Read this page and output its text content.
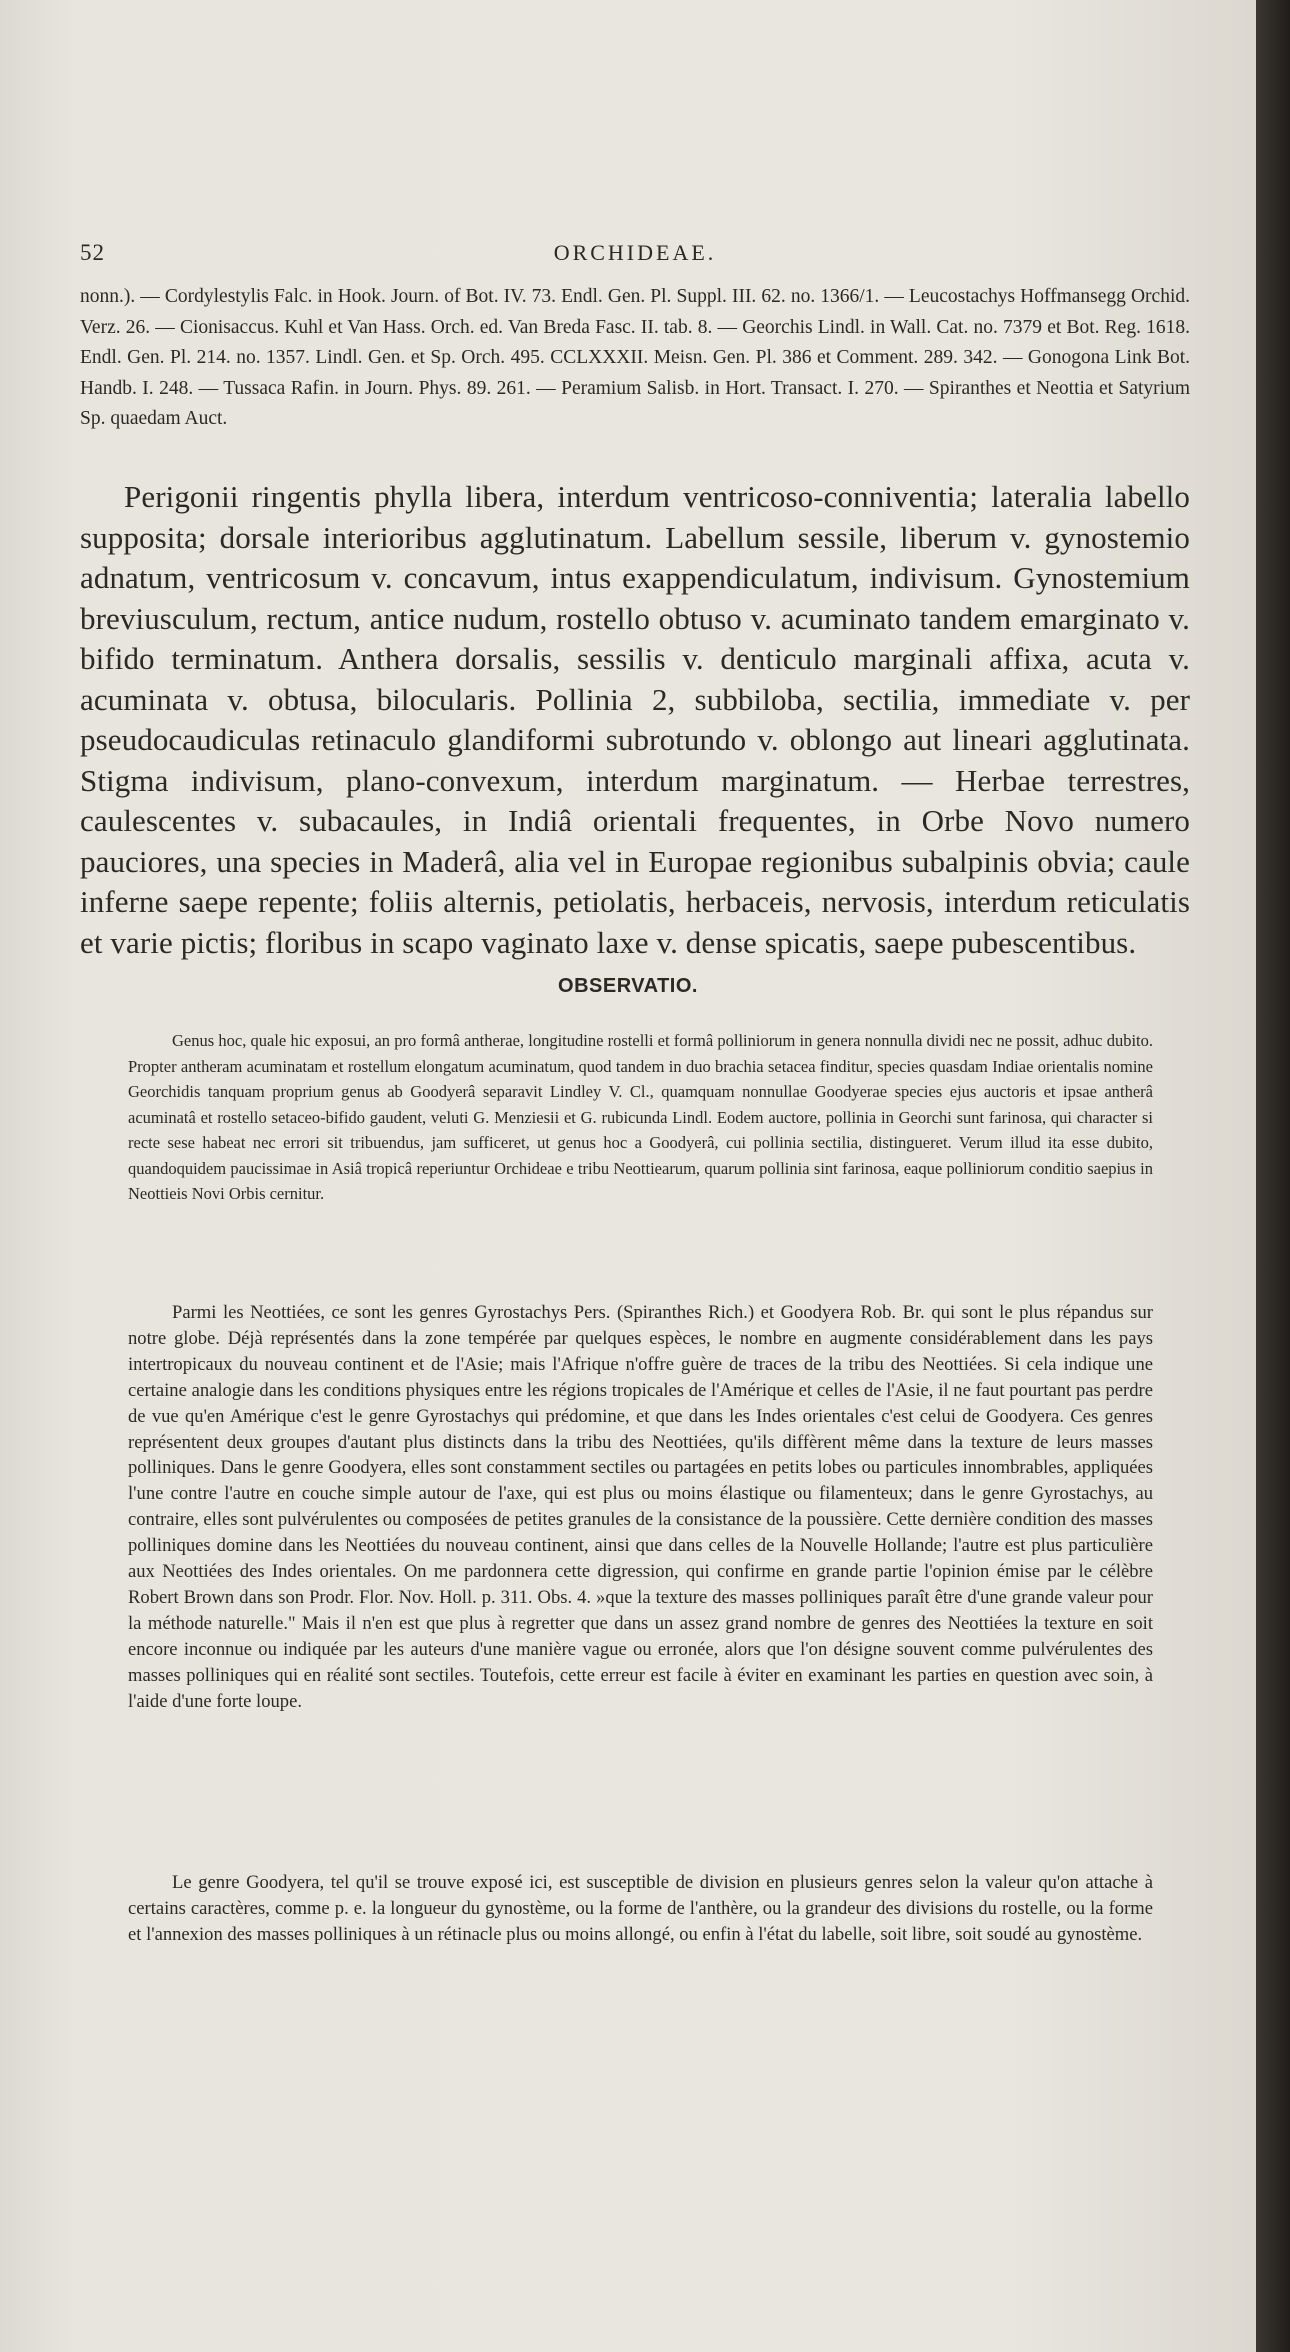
52	ORCHIDEAE.

nonn.). — Cordylestylis Falc. in Hook. Journ. of Bot. IV. 73. Endl. Gen. Pl. Suppl. III. 62. no. 1366/1. — Leucostachys Hoffmansegg Orchid. Verz. 26. — Cionisaccus. Kuhl et Van Hass. Orch. ed. Van Breda Fasc. II. tab. 8. — Georchis Lindl. in Wall. Cat. no. 7379 et Bot. Reg. 1618. Endl. Gen. Pl. 214. no. 1357. Lindl. Gen. et Sp. Orch. 495. CCLXXXII. Meisn. Gen. Pl. 386 et Comment. 289. 342. — Gonogona Link Bot. Handb. I. 248. — Tussaca Rafin. in Journ. Phys. 89. 261. — Peramium Salisb. in Hort. Transact. I. 270. — Spiranthes et Neottia et Satyrium Sp. quaedam Auct.

Perigonii ringentis phylla libera, interdum ventricoso-conniventia; lateralia labello supposita; dorsale interioribus agglutinatum. Labellum sessile, liberum v. gynostemio adnatum, ventricosum v. concavum, intus exappendiculatum, indivisum. Gynostemium breviusculum, rectum, antice nudum, rostello obtuso v. acuminato tandem emarginato v. bifido terminatum. Anthera dorsalis, sessilis v. denticulo marginali affixa, acuta v. acuminata v. obtusa, bilocularis. Pollinia 2, subbiloba, sectilia, immediate v. per pseudocaudiculas retinaculo glandiformi subrotundo v. oblongo aut lineari agglutinata. Stigma indivisum, plano-convexum, interdum marginatum. — Herbae terrestres, caulescentes v. subacaules, in Indiâ orientali frequentes, in Orbe Novo numero pauciores, una species in Maderâ, alia vel in Europae regionibus subalpinis obvia; caule inferne saepe repente; foliis alternis, petiolatis, herbaceis, nervosis, interdum reticulatis et varie pictis; floribus in scapo vaginato laxe v. dense spicatis, saepe pubescentibus.

OBSERVATIO.

Genus hoc, quale hic exposui, an pro formâ antherae, longitudine rostelli et formâ polliniorum in genera nonnulla dividi nec ne possit, adhuc dubito. Propter antheram acuminatam et rostellum elongatum acuminatum, quod tandem in duo brachia setacea finditur, species quasdam Indiae orientalis nomine Georchidis tanquam proprium genus ab Goodyerâ separavit Lindley V. Cl., quamquam nonnullae Goodyerae species ejus auctoris et ipsae antherâ acuminatâ et rostello setaceo-bifido gaudent, veluti G. Menziesii et G. rubicunda Lindl. Eodem auctore, pollinia in Georchi sunt farinosa, qui character si recte sese habeat nec errori sit tribuendus, jam sufficeret, ut genus hoc a Goodyerâ, cui pollinia sectilia, distingueret. Verum illud ita esse dubito, quandoquidem paucissimae in Asiâ tropicâ reperiuntur Orchideae e tribu Neottiearum, quarum pollinia sint farinosa, eaque polliniorum conditio saepius in Neottieis Novi Orbis cernitur.

Parmi les Neottiées, ce sont les genres Gyrostachys Pers. (Spiranthes Rich.) et Goodyera Rob. Br. qui sont le plus répandus sur notre globe. Déjà représentés dans la zone tempérée par quelques espèces, le nombre en augmente considérablement dans les pays intertropicaux du nouveau continent et de l'Asie; mais l'Afrique n'offre guère de traces de la tribu des Neottiées. Si cela indique une certaine analogie dans les conditions physiques entre les régions tropicales de l'Amérique et celles de l'Asie, il ne faut pourtant pas perdre de vue qu'en Amérique c'est le genre Gyrostachys qui prédomine, et que dans les Indes orientales c'est celui de Goodyera. Ces genres représentent deux groupes d'autant plus distincts dans la tribu des Neottiées, qu'ils diffèrent même dans la texture de leurs masses polliniques. Dans le genre Goodyera, elles sont constamment sectiles ou partagées en petits lobes ou particules innombrables, appliquées l'une contre l'autre en couche simple autour de l'axe, qui est plus ou moins élastique ou filamenteux; dans le genre Gyrostachys, au contraire, elles sont pulvérulentes ou composées de petites granules de la consistance de la poussière. Cette dernière condition des masses polliniques domine dans les Neottiées du nouveau continent, ainsi que dans celles de la Nouvelle Hollande; l'autre est plus particulière aux Neottiées des Indes orientales. On me pardonnera cette digression, qui confirme en grande partie l'opinion émise par le célèbre Robert Brown dans son Prodr. Flor. Nov. Holl. p. 311. Obs. 4. »que la texture des masses polliniques paraît être d'une grande valeur pour la méthode naturelle." Mais il n'en est que plus à regretter que dans un assez grand nombre de genres des Neottiées la texture en soit encore inconnue ou indiquée par les auteurs d'une manière vague ou erronée, alors que l'on désigne souvent comme pulvérulentes des masses polliniques qui en réalité sont sectiles. Toutefois, cette erreur est facile à éviter en examinant les parties en question avec soin, à l'aide d'une forte loupe.

Le genre Goodyera, tel qu'il se trouve exposé ici, est susceptible de division en plusieurs genres selon la valeur qu'on attache à certains caractères, comme p. e. la longueur du gynostème, ou la forme de l'anthère, ou la grandeur des divisions du rostelle, ou la forme et l'annexion des masses polliniques à un rétinacle plus ou moins allongé, ou enfin à l'état du labelle, soit libre, soit soudé au gynostème.
